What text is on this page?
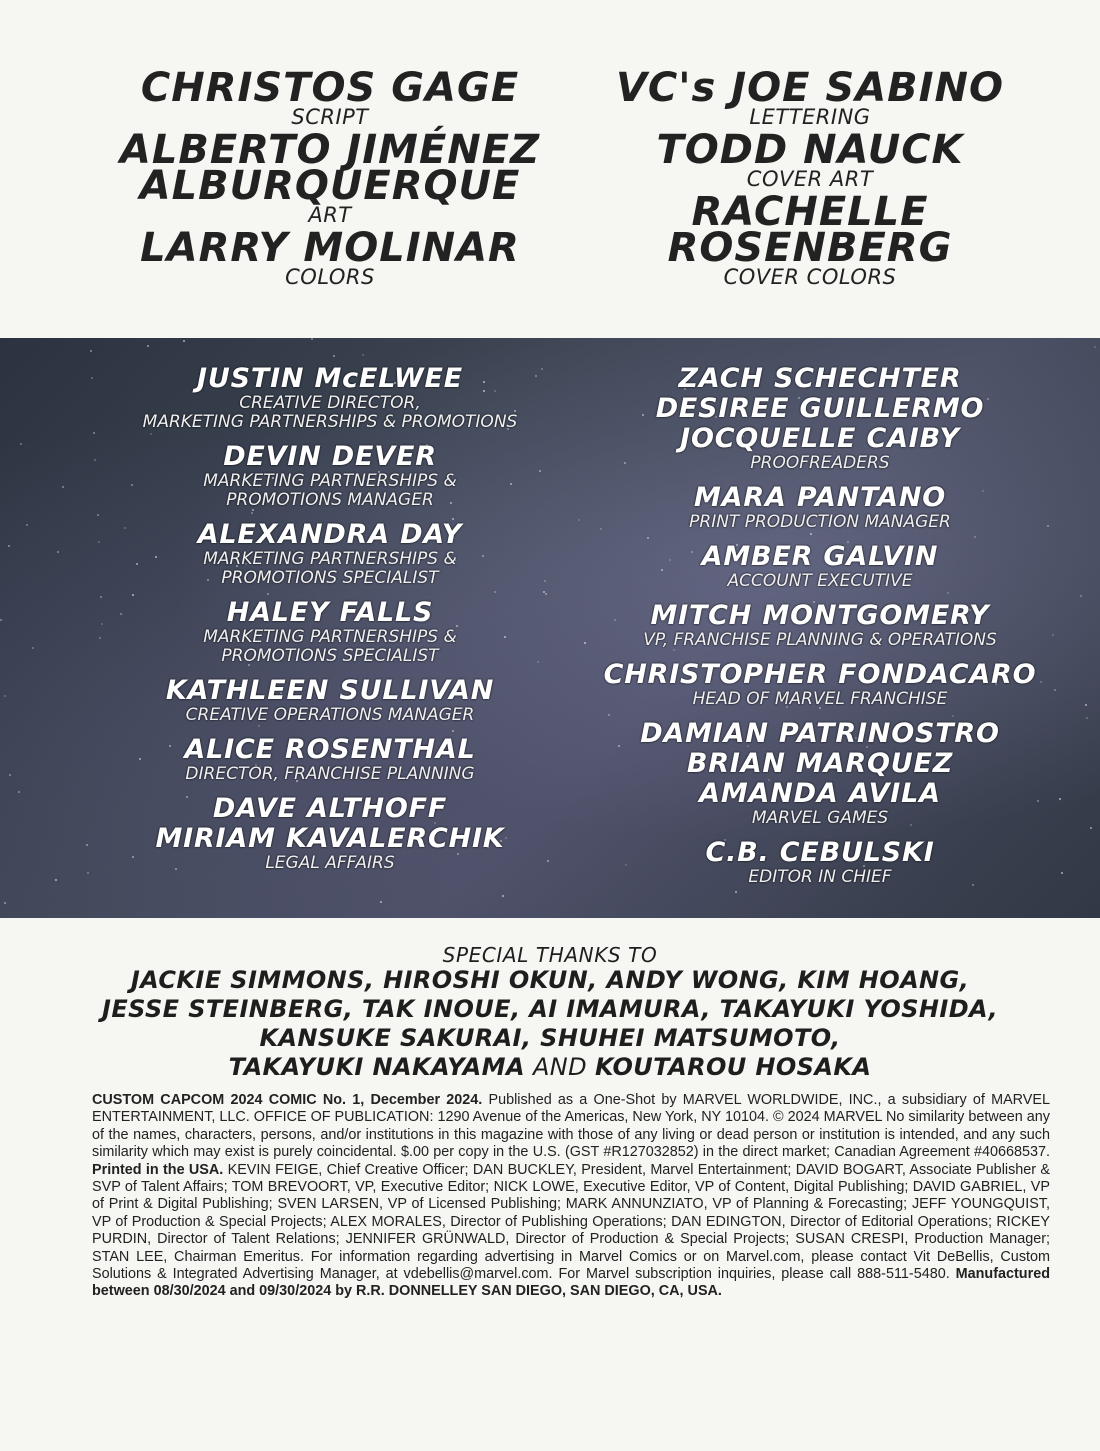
CHRISTOS GAGE
SCRIPT
ALBERTO JIMÉNEZ
ALBURQUERQUE
ART
LARRY MOLINAR
COLORS
VC's JOE SABINO
LETTERING
TODD NAUCK
COVER ART
RACHELLE
ROSENBERG
COVER COLORS
JUSTIN McELWEE
CREATIVE DIRECTOR,
MARKETING PARTNERSHIPS & PROMOTIONS
DEVIN DEVER
MARKETING PARTNERSHIPS &
PROMOTIONS MANAGER
ALEXANDRA DAY
MARKETING PARTNERSHIPS &
PROMOTIONS SPECIALIST
HALEY FALLS
MARKETING PARTNERSHIPS &
PROMOTIONS SPECIALIST
KATHLEEN SULLIVAN
CREATIVE OPERATIONS MANAGER
ALICE ROSENTHAL
DIRECTOR, FRANCHISE PLANNING
DAVE ALTHOFF
MIRIAM KAVALERCHIK
LEGAL AFFAIRS
ZACH SCHECHTER
DESIREE GUILLERMO
JOCQUELLE CAIBY
PROOFREADERS
MARA PANTANO
PRINT PRODUCTION MANAGER
AMBER GALVIN
ACCOUNT EXECUTIVE
MITCH MONTGOMERY
VP, FRANCHISE PLANNING & OPERATIONS
CHRISTOPHER FONDACARO
HEAD OF MARVEL FRANCHISE
DAMIAN PATRINOSTRO
BRIAN MARQUEZ
AMANDA AVILA
MARVEL GAMES
C.B. CEBULSKI
EDITOR IN CHIEF
SPECIAL THANKS TO
JACKIE SIMMONS, HIROSHI OKUN, ANDY WONG, KIM HOANG,
JESSE STEINBERG, TAK INOUE, AI IMAMURA, TAKAYUKI YOSHIDA,
KANSUKE SAKURAI, SHUHEI MATSUMOTO,
TAKAYUKI NAKAYAMA AND KOUTAROU HOSAKA
CUSTOM CAPCOM 2024 COMIC No. 1, December 2024. Published as a One-Shot by MARVEL WORLDWIDE, INC., a subsidiary of MARVEL ENTERTAINMENT, LLC. OFFICE OF PUBLICATION: 1290 Avenue of the Americas, New York, NY 10104. © 2024 MARVEL No similarity between any of the names, characters, persons, and/or institutions in this magazine with those of any living or dead person or institution is intended, and any such similarity which may exist is purely coincidental. $.00 per copy in the U.S. (GST #R127032852) in the direct market; Canadian Agreement #40668537. Printed in the USA. KEVIN FEIGE, Chief Creative Officer; DAN BUCKLEY, President, Marvel Entertainment; DAVID BOGART, Associate Publisher & SVP of Talent Affairs; TOM BREVOORT, VP, Executive Editor; NICK LOWE, Executive Editor, VP of Content, Digital Publishing; DAVID GABRIEL, VP of Print & Digital Publishing; SVEN LARSEN, VP of Licensed Publishing; MARK ANNUNZIATO, VP of Planning & Forecasting; JEFF YOUNGQUIST, VP of Production & Special Projects; ALEX MORALES, Director of Publishing Operations; DAN EDINGTON, Director of Editorial Operations; RICKEY PURDIN, Director of Talent Relations; JENNIFER GRÜNWALD, Director of Production & Special Projects; SUSAN CRESPI, Production Manager; STAN LEE, Chairman Emeritus. For information regarding advertising in Marvel Comics or on Marvel.com, please contact Vit DeBellis, Custom Solutions & Integrated Advertising Manager, at vdebellis@marvel.com. For Marvel subscription inquiries, please call 888-511-5480. Manufactured between 08/30/2024 and 09/30/2024 by R.R. DONNELLEY SAN DIEGO, SAN DIEGO, CA, USA.
